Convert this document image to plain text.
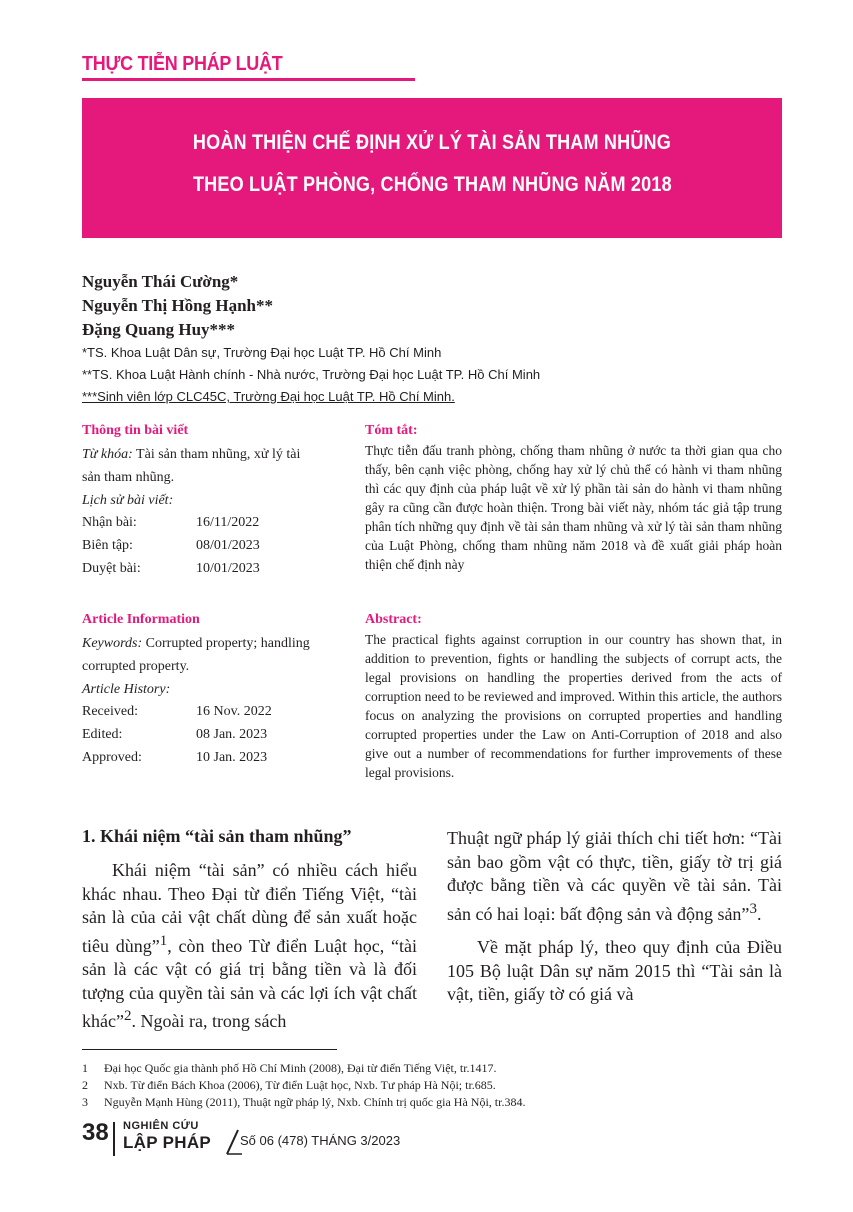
THỰC TIỄN PHÁP LUẬT
HOÀN THIỆN CHẾ ĐỊNH XỬ LÝ TÀI SẢN THAM NHŨNG
THEO LUẬT PHÒNG, CHỐNG THAM NHŨNG NĂM 2018
Nguyễn Thái Cường*
Nguyễn Thị Hồng Hạnh**
Đặng Quang Huy***
*TS. Khoa Luật Dân sự, Trường Đại học Luật TP. Hồ Chí Minh
**TS. Khoa Luật Hành chính - Nhà nước, Trường Đại học Luật TP. Hồ Chí Minh
***Sinh viên lớp CLC45C, Trường Đại học Luật TP. Hồ Chí Minh.
Thông tin bài viết
Từ khóa: Tài sản tham nhũng, xử lý tài
sản tham nhũng.
Lịch sử bài viết:
Nhận bài:	16/11/2022
Biên tập:	08/01/2023
Duyệt bài:	10/01/2023
Tóm tắt:

Thực tiễn đấu tranh phòng, chống tham nhũng ở nước ta thời gian qua cho thấy, bên cạnh việc phòng, chống hay xử lý chủ thể có hành vi tham nhũng thì các quy định của pháp luật về xử lý phần tài sản do hành vi tham nhũng gây ra cũng cần được hoàn thiện. Trong bài viết này, nhóm tác giả tập trung phân tích những quy định về tài sản tham nhũng và xử lý tài sản tham nhũng của Luật Phòng, chống tham nhũng năm 2018 và đề xuất giải pháp hoàn thiện chế định này

Article Information
Keywords: Corrupted property; handling
corrupted property.
Article History:
Received:	16 Nov. 2022
Edited:	08 Jan. 2023
Approved:	10 Jan. 2023
Abstract:

The practical fights against corruption in our country has shown that, in addition to prevention, fights or handling the subjects of corrupt acts, the legal provisions on handling the properties derived from the acts of corruption need to be reviewed and improved. Within this article, the authors focus on analyzing the provisions on corrupted properties and handling corrupted properties under the Law on Anti-Corruption of 2018 and also give out a number of recommendations for further improvements of these legal provisions.

1. Khái niệm “tài sản tham nhũng”

Khái niệm “tài sản” có nhiều cách hiểu khác nhau. Theo Đại từ điển Tiếng Việt, “tài sản là của cải vật chất dùng để sản xuất hoặc tiêu dùng”$^1$, còn theo Từ điển Luật học, “tài sản là các vật có giá trị bằng tiền và là đối tượng của quyền tài sản và các lợi ích vật chất khác”$^2$. Ngoài ra, trong sách

Thuật ngữ pháp lý giải thích chi tiết hơn: “Tài sản bao gồm vật có thực, tiền, giấy tờ trị giá được bằng tiền và các quyền về tài sản. Tài sản có hai loại: bất động sản và động sản”$^3$.

Về mặt pháp lý, theo quy định của Điều 105 Bộ luật Dân sự năm 2015 thì “Tài sản là vật, tiền, giấy tờ có giá và

1 Đại học Quốc gia thành phố Hồ Chí Minh (2008), Đại từ điển Tiếng Việt, tr.1417.
2 Nxb. Từ điển Bách Khoa (2006), Từ điển Luật học, Nxb. Tư pháp Hà Nội; tr.685.
3 Nguyễn Mạnh Hùng (2011), Thuật ngữ pháp lý, Nxb. Chính trị quốc gia Hà Nội, tr.384.
38 NGHIÊN CỨU
LẬP PHÁP Số 06 (478) THÁNG 3/2023
